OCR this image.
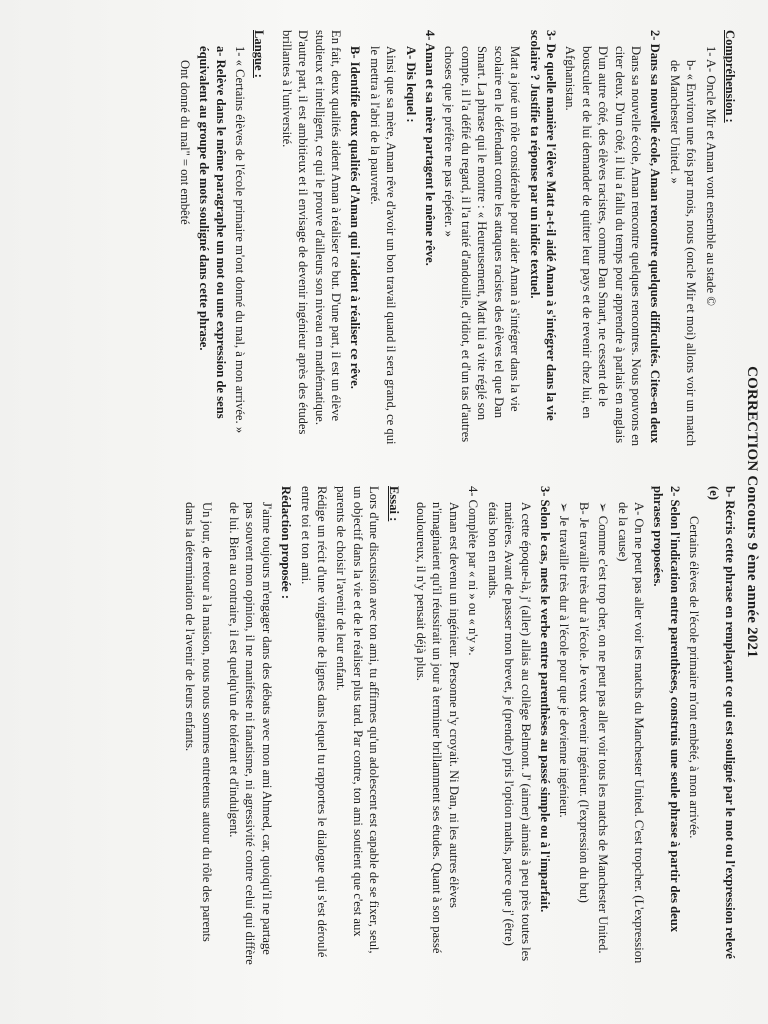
CORRECTION Concours 9 ème année 2021

Compréhension :

1- A- Oncle Mir et Aman vont ensemble au stade ©

b- « Environ une fois par mois, nous (oncle Mir et moi) allons voir un match de Manchester United. »

2- Dans sa nouvelle école, Aman rencontre quelques difficultés. Cites-en deux

Dans sa nouvelle école, Aman rencontre quelques rencontres. Nous pouvons en citer deux. D'un côté, il lui a fallu du temps pour apprendre à parlais en anglais D'un autre côté, des élèves racistes, comme Dan Smart, ne cessent de le bousculer et de lui demander de quitter leur pays et de revenir chez lui, en Afghanistan.

3- De quelle manière l'élève Matt a-t-il aidé Aman à s'intégrer dans la vie scolaire ? Justifie ta réponse par un indice textuel.

Matt a joué un rôle considérable pour aider Aman à s'intégrer dans la vie scolaire en le défendant contre les attaques racistes des élèves tel que Dan Smart. La phrase qui le montre : « Heureusement, Matt lui a vite réglé son compte, il l'a défié du regard, il l'a traité d'andouille, d'idiot, et d'un tas d'autres choses que je préfère ne pas répéter. »

4- Aman et sa mère partagent le même rêve.

A- Dis lequel :

Ainsi que sa mère, Aman rêve d'avoir un bon travail quand il sera grand, ce qui le mettra à l'abri de la pauvreté.

B- Identifie deux qualités d'Aman qui l'aident à réaliser ce rêve.

En fait, deux qualités aident Aman à réaliser ce but. D'une part, il est un élève studieux et intelligent, ce qui le prouve d'ailleurs son niveau en mathématique. D'autre part, il est ambitieux et il envisage de devenir ingénieur après des études brillantes à l'université.

Langue :

1- « Certains élèves de l'école primaire m'ont donné du mal, à mon arrivée. »

a- Relève dans le même paragraphe un mot ou une expression de sens équivalent au groupe de mots souligné dans cette phrase.

Ont donné du mal" = ont embêté

b- Récris cette phrase en remplaçant ce qui est souligné par le mot ou l'expression relevé (e)

Certains élèves de l'école primaire m'ont embêté, à mon arrivée.

2- Selon l'indication entre parenthèses, construis une seule phrase à partir des deux phrases proposées.

A- On ne peut pas aller voir les matchs du Manchester United. C'est tropcher. (L'expression de la cause)

➢ Comme c'est trop cher, on ne peut pas aller voir tous les matchs de Manchester United.

B- Je travaille très dur à l'école. Je veux devenir ingénieur. (l'expression du but)

➢ Je travaille très dur à l'école pour que je devienne ingénieur.

3- Selon le cas, mets le verbe entre parenthèses au passé simple ou à l'imparfait.

A cette époque-là, j' (aller) allais au collège Belmont. J' (aimer) aimais à peu près toutes les matières. Avant de passer mon brevet, je (prendre) pris l'option maths, parce que j' (être) étais bon en maths.

4- Complète par « ni » ou « n'y ».

Aman est devenu un ingénieur. Personne n'y croyait. Ni Dan, ni les autres élèves n'imaginaient qu'il réussirait un jour à terminer brillamment ses études. Quant à son passé douloureux, il n'y pensait déjà plus.

Essai :

Lors d'une discussion avec ton ami, tu affirmes qu'un adolescent est capable de se fixer, seul, un objectif dans la vie et de le réaliser plus tard. Par contre, ton ami soutient que c'est aux parents de choisir l'avenir de leur enfant.

Rédige un récit d'une vingtaine de lignes dans lequel tu rapportes le dialogue qui s'est déroulé entre toi et ton ami.

Rédaction proposée :

J'aime toujours m'engager dans des débats avec mon ami Ahmed, car, quoiqu'il ne partage pas souvent mon opinion, il ne manifeste ni fanatisme, ni agressivité contre celui qui diffère de lui. Bien au contraire, il est quelqu'un de tolérant et d'indulgent.

Un jour, de retour à la maison, nous nous sommes entretenus autour du rôle des parents dans la détermination de l'avenir de leurs enfants.
